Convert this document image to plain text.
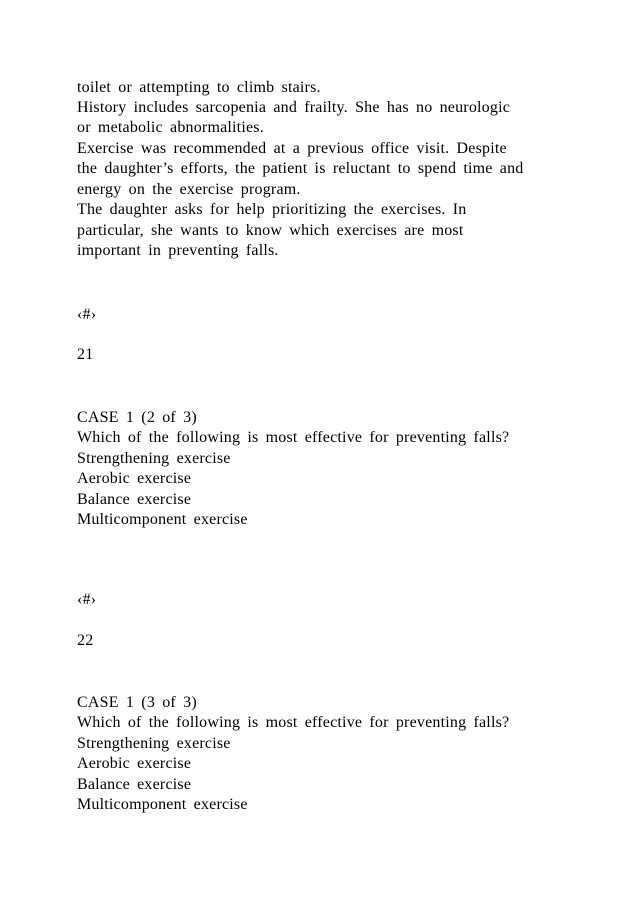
toilet or attempting to climb stairs.
History includes sarcopenia and frailty. She has no neurologic
or metabolic abnormalities.
Exercise was recommended at a previous office visit. Despite
the daughter’s efforts, the patient is reluctant to spend time and
energy on the exercise program.
The daughter asks for help prioritizing the exercises. In
particular, she wants to know which exercises are most
important in preventing falls.
‹#›
21
CASE 1 (2 of 3)
Which of the following is most effective for preventing falls?
Strengthening exercise
Aerobic exercise
Balance exercise
Multicomponent exercise
‹#›
22
CASE 1 (3 of 3)
Which of the following is most effective for preventing falls?
Strengthening exercise
Aerobic exercise
Balance exercise
Multicomponent exercise
